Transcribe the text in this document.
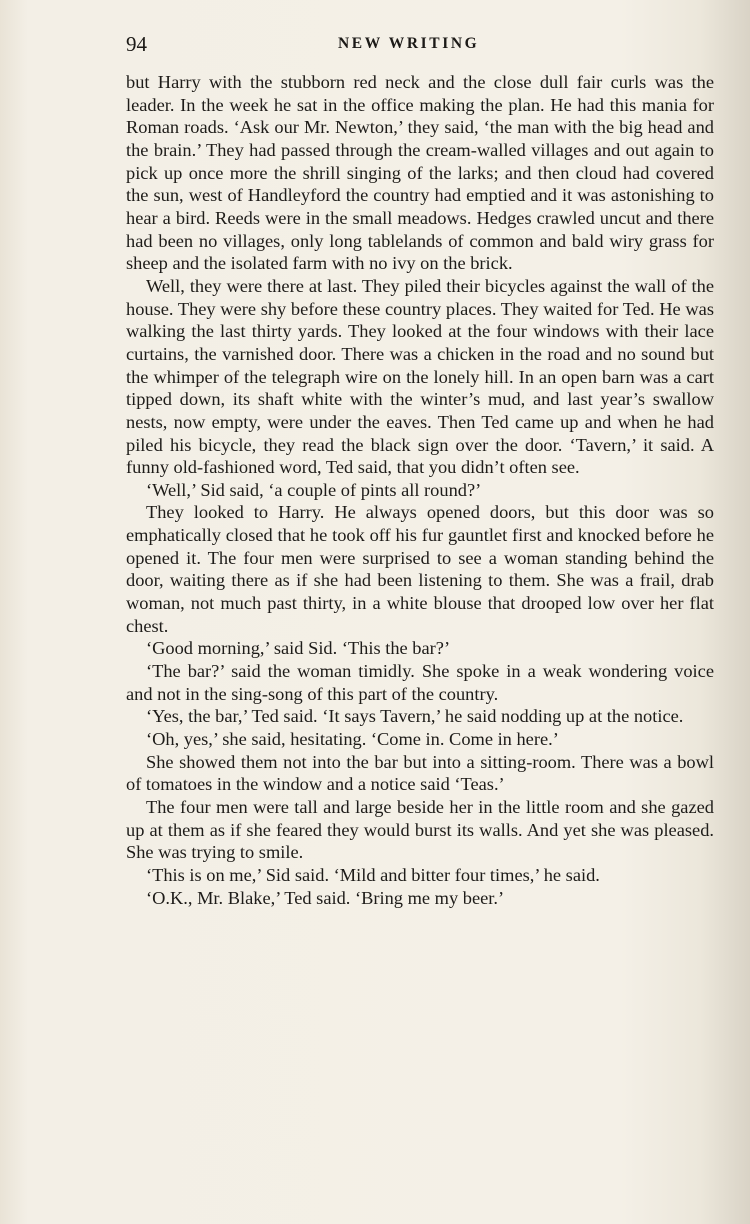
94	NEW WRITING

but Harry with the stubborn red neck and the close dull fair curls was the leader. In the week he sat in the office making the plan. He had this mania for Roman roads. ‘Ask our Mr. Newton,’ they said, ‘the man with the big head and the brain.’ They had passed through the cream-walled villages and out again to pick up once more the shrill singing of the larks; and then cloud had covered the sun, west of Handleyford the country had emptied and it was astonishing to hear a bird. Reeds were in the small meadows. Hedges crawled uncut and there had been no villages, only long tablelands of common and bald wiry grass for sheep and the isolated farm with no ivy on the brick.

Well, they were there at last. They piled their bicycles against the wall of the house. They were shy before these country places. They waited for Ted. He was walking the last thirty yards. They looked at the four windows with their lace curtains, the varnished door. There was a chicken in the road and no sound but the whimper of the telegraph wire on the lonely hill. In an open barn was a cart tipped down, its shaft white with the winter’s mud, and last year’s swallow nests, now empty, were under the eaves. Then Ted came up and when he had piled his bicycle, they read the black sign over the door. ‘Tavern,’ it said. A funny old-fashioned word, Ted said, that you didn’t often see.

‘Well,’ Sid said, ‘a couple of pints all round?’

They looked to Harry. He always opened doors, but this door was so emphatically closed that he took off his fur gauntlet first and knocked before he opened it. The four men were surprised to see a woman standing behind the door, waiting there as if she had been listening to them. She was a frail, drab woman, not much past thirty, in a white blouse that drooped low over her flat chest.

‘Good morning,’ said Sid. ‘This the bar?’

‘The bar?’ said the woman timidly. She spoke in a weak wondering voice and not in the sing-song of this part of the country.

‘Yes, the bar,’ Ted said. ‘It says Tavern,’ he said nodding up at the notice.

‘Oh, yes,’ she said, hesitating. ‘Come in. Come in here.’

She showed them not into the bar but into a sitting-room. There was a bowl of tomatoes in the window and a notice said ‘Teas.’

The four men were tall and large beside her in the little room and she gazed up at them as if she feared they would burst its walls. And yet she was pleased. She was trying to smile.

‘This is on me,’ Sid said. ‘Mild and bitter four times,’ he said.

‘O.K., Mr. Blake,’ Ted said. ‘Bring me my beer.’
